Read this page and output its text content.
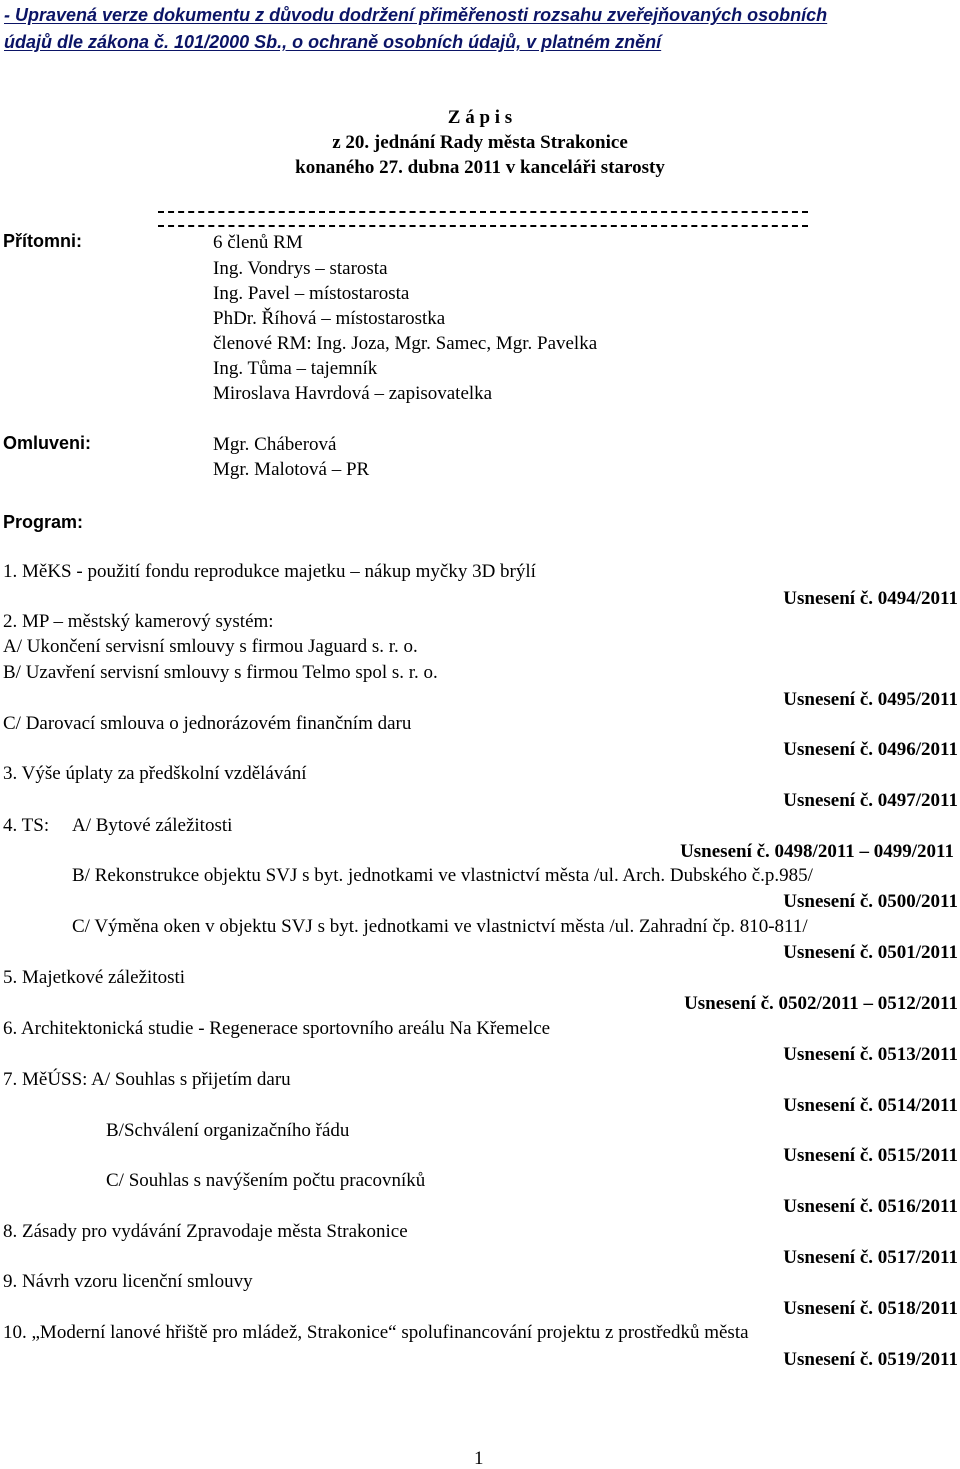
- Upravená verze dokumentu z důvodu dodržení přiměřenosti rozsahu zveřejňovaných osobních
údajů dle zákona č. 101/2000 Sb., o ochraně osobních údajů, v platném znění
Z á p i s
z 20. jednání Rady města Strakonice
konaného 27. dubna 2011 v kanceláři starosty
Přítomni:	6 členů RM
Ing. Vondrys – starosta
Ing. Pavel – místostarosta
PhDr. Říhová – místostarostka
členové RM: Ing. Joza, Mgr. Samec, Mgr. Pavelka
Ing. Tůma – tajemník
Miroslava Havrdová – zapisovatelka
Omluveni:	Mgr. Cháberová
Mgr. Malotová – PR
Program:
1. MěKS - použití fondu reprodukce majetku – nákup myčky 3D brýlí
Usnesení č. 0494/2011
2. MP – městský kamerový systém:
A/ Ukončení servisní smlouvy s firmou Jaguard s. r. o.
B/ Uzavření servisní smlouvy s firmou Telmo spol s. r. o.
Usnesení č. 0495/2011
C/ Darovací smlouva o jednorázovém finančním daru
Usnesení č. 0496/2011
3. Výše úplaty za předškolní vzdělávání
Usnesení č. 0497/2011
4. TS: A/ Bytové záležitosti
Usnesení č. 0498/2011 – 0499/2011
B/ Rekonstrukce objektu SVJ s byt. jednotkami ve vlastnictví města /ul. Arch. Dubského č.p.985/
Usnesení č. 0500/2011
C/ Výměna oken v objektu SVJ s byt. jednotkami ve vlastnictví města /ul. Zahradní čp. 810-811/
Usnesení č. 0501/2011
5. Majetkové záležitosti
Usnesení č. 0502/2011 – 0512/2011
6. Architektonická studie - Regenerace sportovního areálu Na Křemelce
Usnesení č. 0513/2011
7. MěÚSS: A/ Souhlas s přijetím daru
Usnesení č. 0514/2011
B/Schválení organizačního řádu
Usnesení č. 0515/2011
C/ Souhlas s navýšením počtu pracovníků
Usnesení č. 0516/2011
8. Zásady pro vydávání Zpravodaje města Strakonice
Usnesení č. 0517/2011
9. Návrh vzoru licenční smlouvy
Usnesení č. 0518/2011
10. „Moderní lanové hřiště pro mládež, Strakonice“ spolufinancování projektu z prostředků města
Usnesení č. 0519/2011
1
